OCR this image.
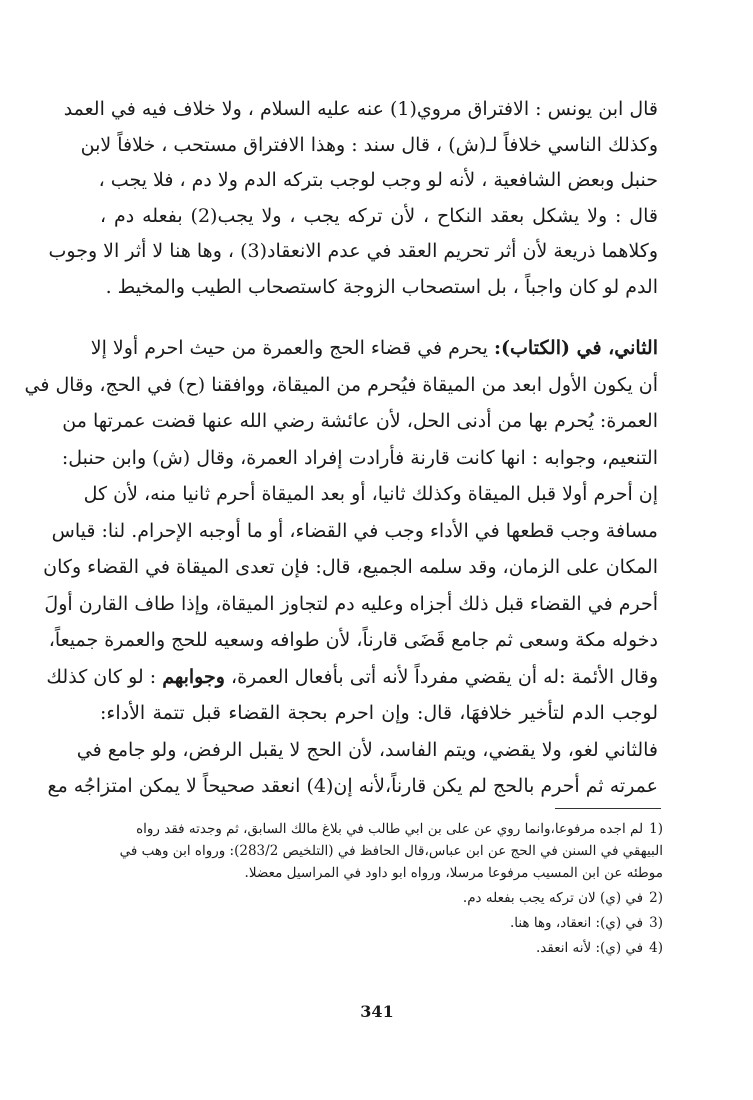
قال ابن يونس : الافتراق مروي(1) عنه عليه السلام ، ولا خلاف فيه في العمد
وكذلك الناسي خلافاً لـ(ش) ، قال سند : وهذا الافتراق مستحب ، خلافاً لابن
حنبل وبعض الشافعية ، لأنه لو وجب لوجب بتركه الدم ولا دم ، فلا يجب ،
قال : ولا يشكل بعقد النكاح ، لأن تركه يجب ، ولا يجب(2) بفعله دم ،
وكلاهما ذريعة لأن أثر تحريم العقد في عدم الانعقاد(3) ، وها هنا لا أثر الا وجوب
الدم لو كان واجباً ، بل استصحاب الزوجة كاستصحاب الطيب والمخيط .
الثاني، في (الكتاب): يحرم في قضاء الحج والعمرة من حيث احرم أولا إلا
أن يكون الأول ابعد من الميقاة فيُحرم من الميقاة، ووافقنا (ح) في الحج، وقال في
العمرة: يُحرم بها من أدنى الحل، لأن عائشة رضي الله عنها قضت عمرتها من
التنعيم، وجوابه : انها كانت قارنة فأرادت إفراد العمرة، وقال (ش) وابن حنبل:
إن أحرم أولا قبل الميقاة وكذلك ثانيا، أو بعد الميقاة أحرم ثانيا منه، لأن كل
مسافة وجب قطعها في الأداء وجب في القضاء، أو ما أوجبه الإحرام. لنا: قياس
المكان على الزمان، وقد سلمه الجميع، قال: فإن تعدى الميقاة في القضاء وكان
أحرم في القضاء قبل ذلك أجزاه وعليه دم لتجاوز الميقاة، وإذا طاف القارن أولَ
دخوله مكة وسعى ثم جامع قَضَى قارناً، لأن طوافه وسعيه للحج والعمرة جميعاً،
وقال الأئمة :له أن يقضي مفرداً لأنه أتى بأفعال العمرة، وجوابهم : لو كان كذلك
لوجب الدم لتأخير خلافهَا، قال: وإن احرم بحجة القضاء قبل تتمة الأداء:
فالثاني لغو، ولا يقضي، ويتم الفاسد، لأن الحج لا يقبل الرفض، ولو جامع في
عمرته ثم أحرم بالحج لم يكن قارناً،لأنه إن(4) انعقد صحيحاً لا يمكن امتزاجُه مع
1)لم اجده مرفوعا،وانما روي عن على بن ابي طالب في بلاغ مالك السابق، ثم وجدته فقد رواه البيهقي في السنن في الحج عن ابن عباس،قال الحافظ في (التلخيص 283/2): ورواه ابن وهب في موطئه عن ابن المسيب مرفوعا مرسلا، ورواه ابو داود في المراسيل معضلا.
2)في (ي) لان تركه يجب بفعله دم.
3)في (ي): انعقاد، وها هنا.
4)في (ي): لأنه انعقد.
341
